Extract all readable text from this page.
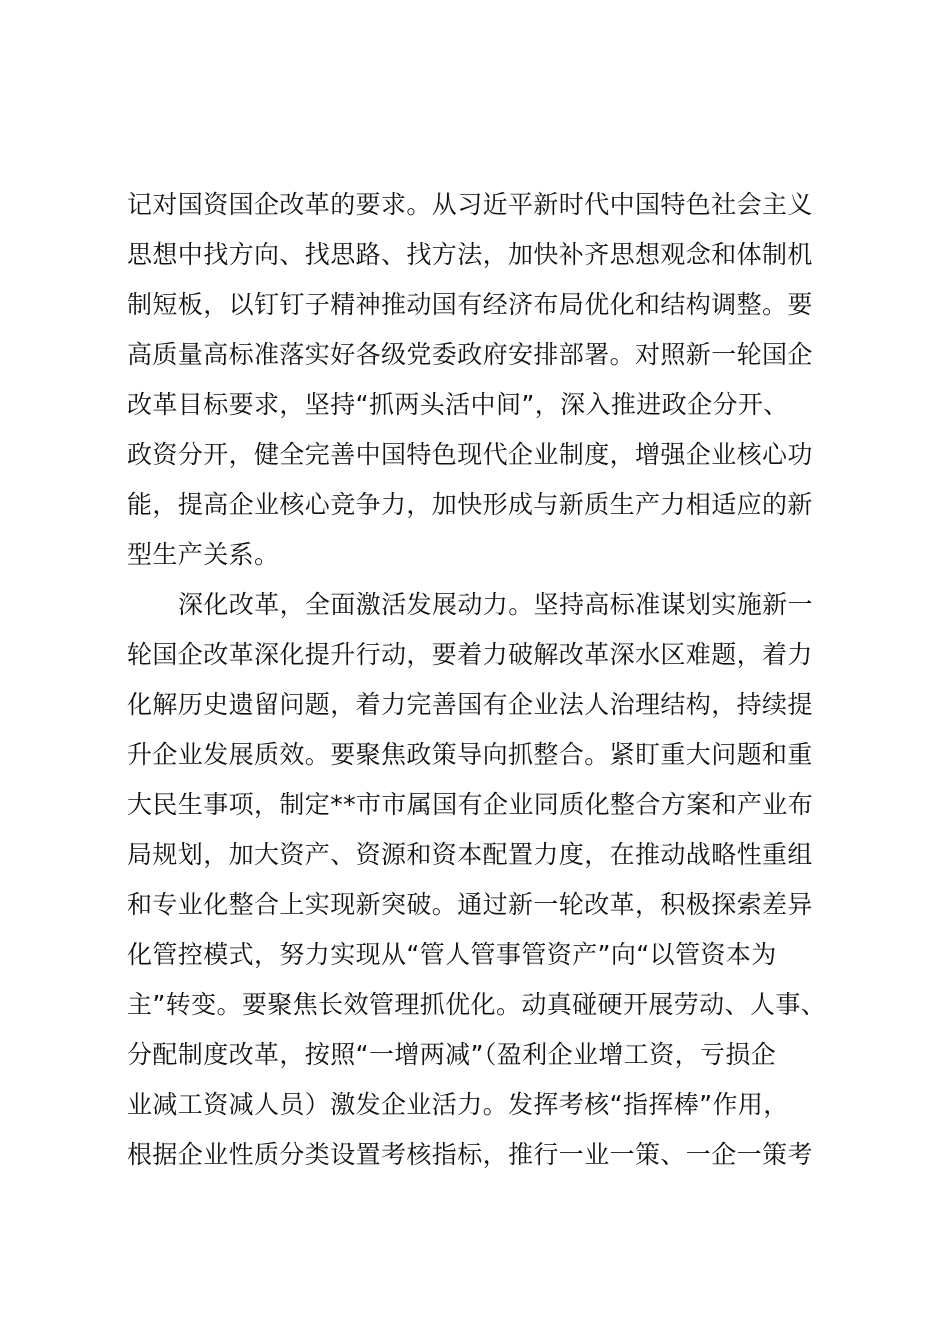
记对国资国企改革的要求。从习近平新时代中国特色社会主义
思想中找方向、找思路、找方法，加快补齐思想观念和体制机
制短板，以钉钉子精神推动国有经济布局优化和结构调整。要
高质量高标准落实好各级党委政府安排部署。对照新一轮国企
改革目标要求，坚持“抓两头活中间”，深入推进政企分开、
政资分开，健全完善中国特色现代企业制度，增强企业核心功
能，提高企业核心竞争力，加快形成与新质生产力相适应的新
型生产关系。
深化改革，全面激活发展动力。坚持高标准谋划实施新一
轮国企改革深化提升行动，要着力破解改革深水区难题，着力
化解历史遗留问题，着力完善国有企业法人治理结构，持续提
升企业发展质效。要聚焦政策导向抓整合。紧盯重大问题和重
大民生事项，制定**市市属国有企业同质化整合方案和产业布
局规划，加大资产、资源和资本配置力度，在推动战略性重组
和专业化整合上实现新突破。通过新一轮改革，积极探索差异
化管控模式，努力实现从“管人管事管资产”向“以管资本为
主”转变。要聚焦长效管理抓优化。动真碰硬开展劳动、人事、
分配制度改革，按照“一增两减”（盈利企业增工资，亏损企
业减工资减人员）激发企业活力。发挥考核“指挥棒”作用，
根据企业性质分类设置考核指标，推行一业一策、一企一策考
